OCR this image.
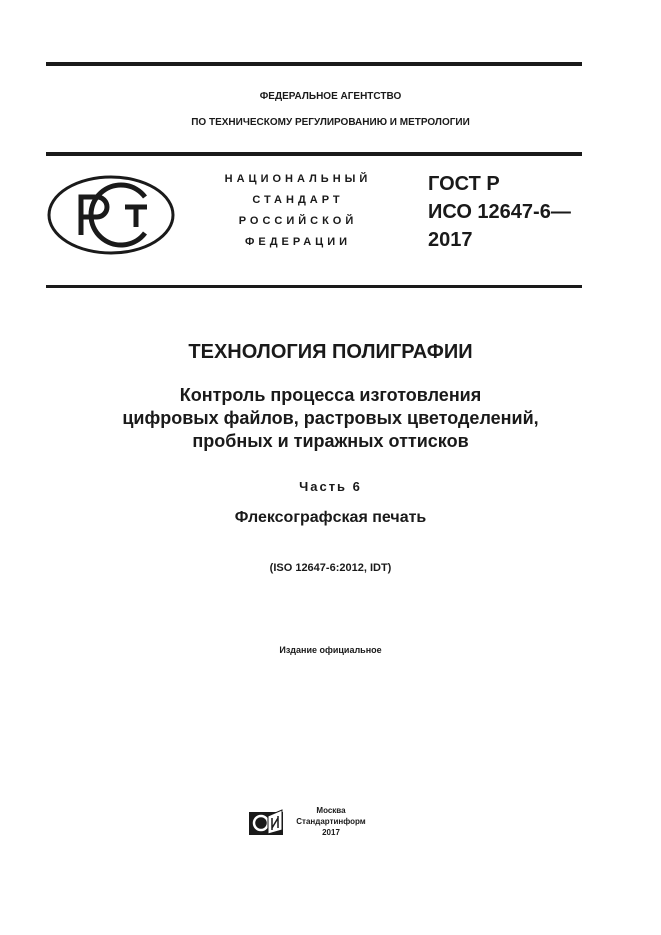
ФЕДЕРАЛЬНОЕ АГЕНТСТВО
ПО ТЕХНИЧЕСКОМУ РЕГУЛИРОВАНИЮ И МЕТРОЛОГИИ
НАЦИОНАЛЬНЫЙ
СТАНДАРТ
РОССИЙСКОЙ
ФЕДЕРАЦИИ
ГОСТ Р
ИСО 12647-6—
2017
ТЕХНОЛОГИЯ ПОЛИГРАФИИ
Контроль процесса изготовления
цифровых файлов, растровых цветоделений,
пробных и тиражных оттисков
Часть 6
Флексографская печать
(ISO 12647-6:2012, IDT)
Издание официальное
Москва
Стандартинформ
2017
